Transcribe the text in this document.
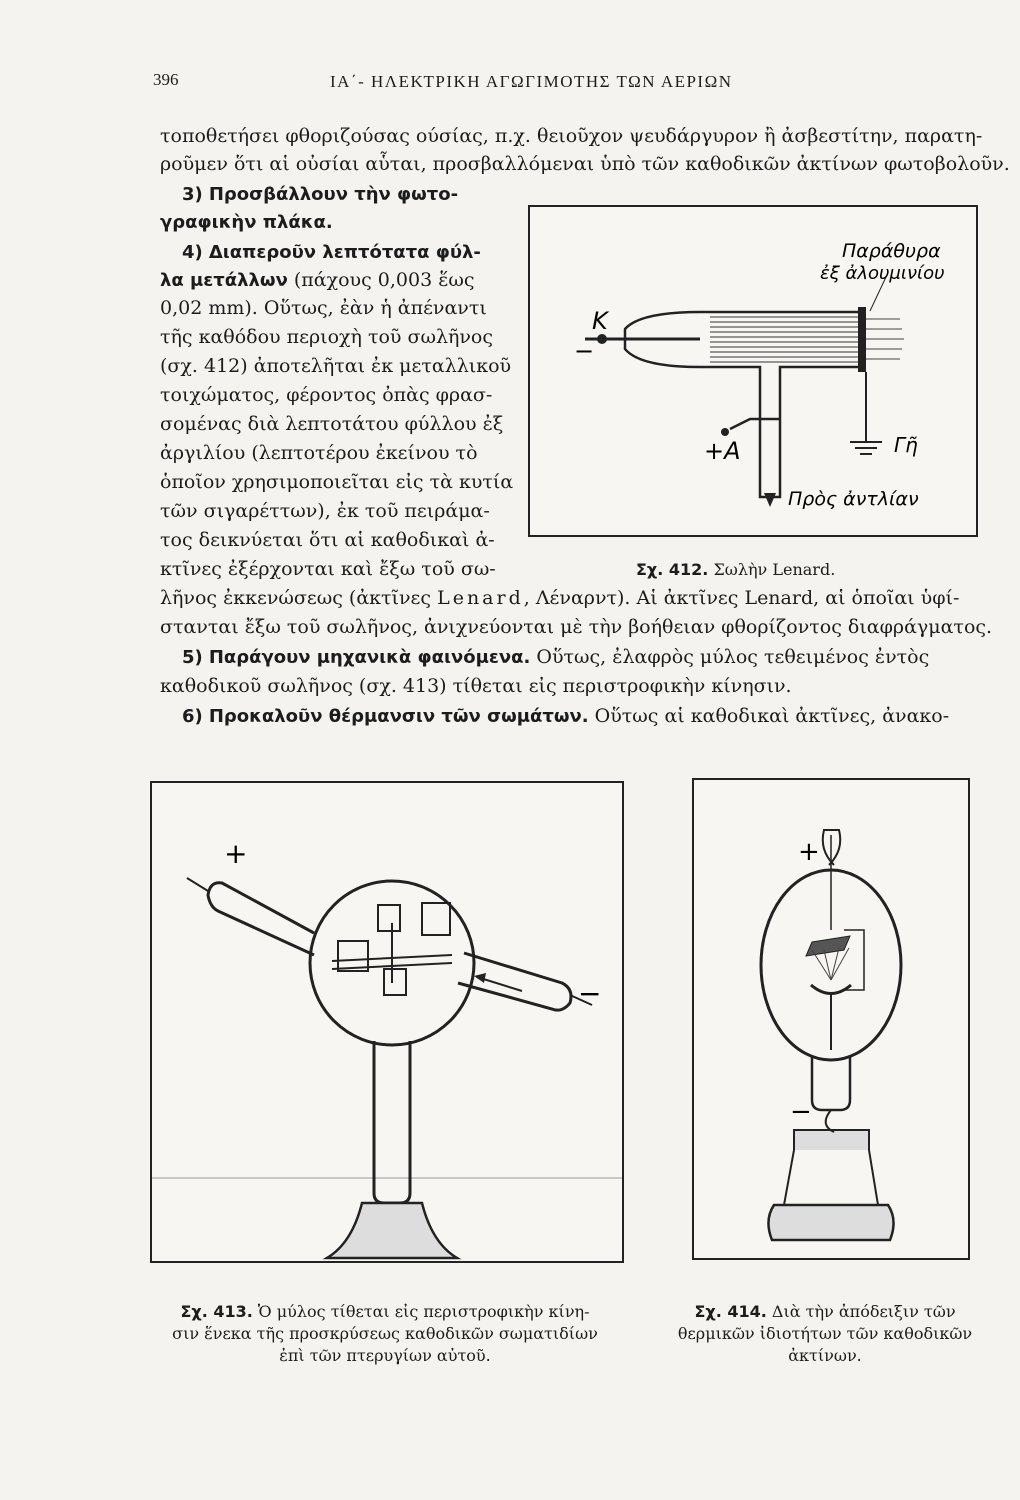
396	ΙΑ΄- ΗΛΕΚΤΡΙΚΗ ΑΓΩΓΙΜΟΤΗΣ ΤΩΝ ΑΕΡΙΩΝ
τοποθετήσει φθοριζούσας ούσίας, π.χ. θειοῦχον ψευδάργυρον ἢ ἀσβεστίτην, παρατη-
ροῦμεν ὅτι αἱ οὐσίαι αὗται, προσβαλλόμεναι ὑπὸ τῶν καθοδικῶν ἀκτίνων φωτοβολοῦν.
3) Προσβάλλουν τὴν φωτο-
γραφικὴν πλάκα.
4) Διαπεροῦν λεπτότατα φύλ-
λα μετάλλων (πάχους 0,003 ἕως
0,02 mm). Οὕτως, ἐὰν ἡ ἀπέναντι
τῆς καθόδου περιοχὴ τοῦ σωλῆνος
(σχ. 412) ἀποτελῆται ἐκ μεταλλικοῦ
τοιχώματος, φέροντος ὀπὰς φρασ-
σομένας διὰ λεπτοτάτου φύλλου ἐξ
ἀργιλίου (λεπτοτέρου ἐκείνου τὸ
ὁποῖον χρησιμοποιεῖται εἰς τὰ κυτία
τῶν σιγαρέττων), ἐκ τοῦ πειράμα-
τος δεικνύεται ὅτι αἱ καθοδικαὶ ἀ-
κτῖνες ἐξέρχονται καὶ ἔξω τοῦ σω-
λῆνος ἐκκενώσεως (ἀκτῖνες Lenard, Λέναρντ). Αἱ ἀκτῖνες Lenard, αἱ ὁποῖαι ὑφί-
στανται ἔξω τοῦ σωλῆνος, ἀνιχνεύονται μὲ τὴν βοήθειαν φθορίζοντος διαφράγματος.
5) Παράγουν μηχανικὰ φαινόμενα. Οὕτως, ἐλαφρὸς μύλος τεθειμένος ἐντὸς
καθοδικοῦ σωλῆνος (σχ. 413) τίθεται εἰς περιστροφικὴν κίνησιν.
6) Προκαλοῦν θέρμανσιν τῶν σωμάτων. Οὕτως αἱ καθοδικαὶ ἀκτῖνες, ἀνακο-
Παράθυρα
ἐξ ἀλουμινίου
K
−
+A	Γῆ
Πρὸς ἀντλίαν
Σχ. 412. Σωλὴν Lenard.
+
−
Σχ. 413. Ὁ μύλος τίθεται εἰς περιστροφικὴν κίνη-
σιν ἕνεκα τῆς προσκρύσεως καθοδικῶν σωματιδίων
ἐπὶ τῶν πτερυγίων αὐτοῦ.
+
−
Σχ. 414. Διὰ τὴν ἀπόδειξιν τῶν
θερμικῶν ἰδιοτήτων τῶν καθοδικῶν
ἀκτίνων.
